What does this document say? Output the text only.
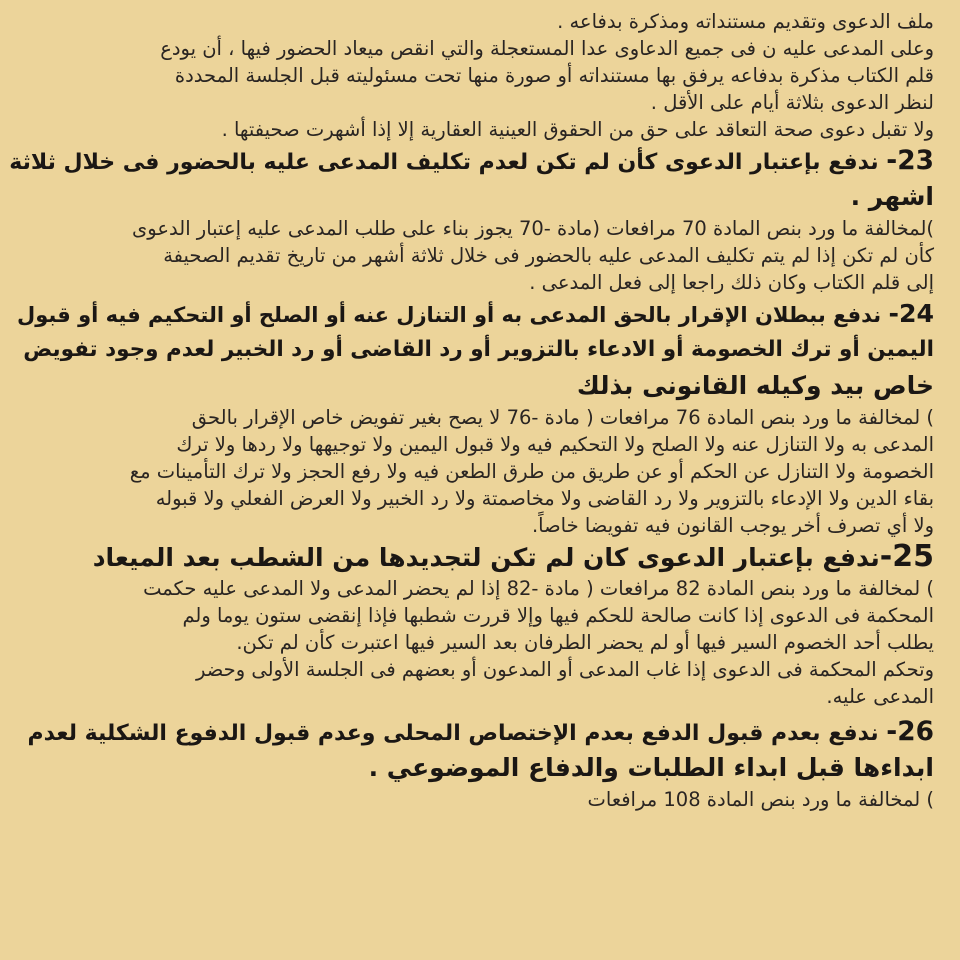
ملف الدعوى وتقديم مستنداته ومذكرة بدفاعه .
وعلى المدعى عليه ن فى جميع الدعاوى عدا المستعجلة والتي انقص ميعاد الحضور فيها ، أن يودع
قلم الكتاب مذكرة بدفاعه يرفق بها مستنداته أو صورة منها تحت مسئوليته قبل الجلسة المحددة
لنظر الدعوى بثلاثة أيام على الأقل .
ولا تقبل دعوى صحة التعاقد على حق من الحقوق العينية العقارية إلا إذا أشهرت صحيفتها .
23- ندفع بإعتبار الدعوى كأن لم تكن لعدم تكليف المدعى عليه بالحضور فى خلال ثلاثة
اشهر .
)لمخالفة ما ورد بنص المادة 70 مرافعات (مادة -70 يجوز بناء على طلب المدعى عليه إعتبار الدعوى
كأن لم تكن إذا لم يتم تكليف المدعى عليه بالحضور فى خلال ثلاثة أشهر من تاريخ تقديم الصحيفة
إلى قلم الكتاب وكان ذلك راجعا إلى فعل المدعى .
24- ندفع ببطلان الإقرار بالحق المدعى به أو التنازل عنه أو الصلح أو التحكيم فيه أو قبول
اليمين أو ترك الخصومة أو الادعاء بالتزوير أو رد القاضى أو رد الخبير لعدم وجود تفويض
خاص بيد وكيله القانونى بذلك
) لمخالفة ما ورد بنص المادة 76 مرافعات ( مادة -76 لا يصح بغير تفويض خاص الإقرار بالحق
المدعى به ولا التنازل عنه ولا الصلح ولا التحكيم فيه ولا قبول اليمين ولا توجيهها ولا ردها ولا ترك
الخصومة ولا التنازل عن الحكم أو عن طريق من طرق الطعن فيه ولا رفع الحجز ولا ترك التأمينات مع
بقاء الدين ولا الإدعاء بالتزوير ولا رد القاضى ولا مخاصمتة ولا رد الخبير ولا العرض الفعلي ولا قبوله
ولا أي تصرف أخر يوجب القانون فيه تفويضا خاصاً.
25-ندفع بإعتبار الدعوى كان لم تكن لتجديدها من الشطب بعد الميعاد
) لمخالفة ما ورد بنص المادة 82 مرافعات ( مادة -82 إذا لم يحضر المدعى ولا المدعى عليه حكمت
المحكمة فى الدعوى إذا كانت صالحة للحكم فيها وإلا قررت شطبها فإذا إنقضى ستون يوما ولم
يطلب أحد الخصوم السير فيها أو لم يحضر الطرفان بعد السير فيها اعتبرت كأن لم تكن.
وتحكم المحكمة فى الدعوى إذا غاب المدعى أو المدعون أو بعضهم فى الجلسة الأولى وحضر
المدعى عليه.
26- ندفع بعدم قبول الدفع بعدم الإختصاص المحلى وعدم قبول الدفوع الشكلية لعدم
ابداءها قبل ابداء الطلبات والدفاع الموضوعي .
) لمخالفة ما ورد بنص المادة 108 مرافعات
